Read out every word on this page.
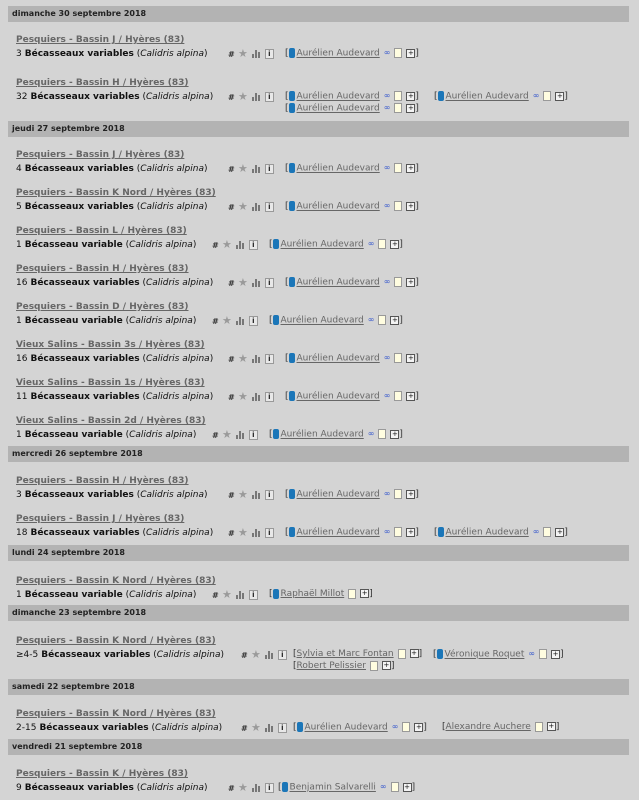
dimanche 30 septembre 2018
Pesquiers - Bassin J / Hyères (83)
3 Bécasseaux variables (Calidris alpina)	# ★	i	[ Aurélien Audevard ∞	+ ]
Pesquiers - Bassin H / Hyères (83)
32 Bécasseaux variables (Calidris alpina) # ★	i	[ Aurélien Audevard ∞	+ ] [ Aurélien Audevard ∞	+ ]
[ Aurélien Audevard ∞	+ ]
jeudi 27 septembre 2018
Pesquiers - Bassin J / Hyères (83)
4 Bécasseaux variables (Calidris alpina)	# ★	i	[ Aurélien Audevard ∞	+ ]
Pesquiers - Bassin K Nord / Hyères (83)
5 Bécasseaux variables (Calidris alpina)	# ★	i	[ Aurélien Audevard ∞	+ ]
Pesquiers - Bassin L / Hyères (83)
1 Bécasseau variable (Calidris alpina) # ★	i	[ Aurélien Audevard ∞	+ ]
Pesquiers - Bassin H / Hyères (83)
16 Bécasseaux variables (Calidris alpina) # ★	i	[ Aurélien Audevard ∞	+ ]
Pesquiers - Bassin D / Hyères (83)
1 Bécasseau variable (Calidris alpina) # ★	i	[ Aurélien Audevard ∞	+ ]
Vieux Salins - Bassin 3s / Hyères (83)
16 Bécasseaux variables (Calidris alpina) # ★	i	[ Aurélien Audevard ∞	+ ]
Vieux Salins - Bassin 1s / Hyères (83)
11 Bécasseaux variables (Calidris alpina) # ★	i	[ Aurélien Audevard ∞	+ ]
Vieux Salins - Bassin 2d / Hyères (83)
1 Bécasseau variable (Calidris alpina) # ★	i	[ Aurélien Audevard ∞	+ ]
mercredi 26 septembre 2018
Pesquiers - Bassin H / Hyères (83)
3 Bécasseaux variables (Calidris alpina)	# ★	i	[ Aurélien Audevard ∞	+ ]
Pesquiers - Bassin J / Hyères (83)
18 Bécasseaux variables (Calidris alpina) # ★	i	[ Aurélien Audevard ∞	+ ] [ Aurélien Audevard ∞	+ ]
lundi 24 septembre 2018
Pesquiers - Bassin K Nord / Hyères (83)
1 Bécasseau variable (Calidris alpina) # ★	i	[ Raphaël Millot	+ ]
dimanche 23 septembre 2018
Pesquiers - Bassin K Nord / Hyères (83)
≥4-5 Bécasseaux variables (Calidris alpina) # ★	i	[Sylvia et Marc Fontan	+ ] [ Véronique Roquet ∞	+ ]
[Robert Pelissier	+ ]
samedi 22 septembre 2018
Pesquiers - Bassin K Nord / Hyères (83)
2-15 Bécasseaux variables (Calidris alpina) # ★	i	[ Aurélien Audevard ∞	+ ] [Alexandre Auchere	+ ]
vendredi 21 septembre 2018
Pesquiers - Bassin K / Hyères (83)
9 Bécasseaux variables (Calidris alpina)	# ★	i [ Benjamin Salvarelli ∞	+ ]
